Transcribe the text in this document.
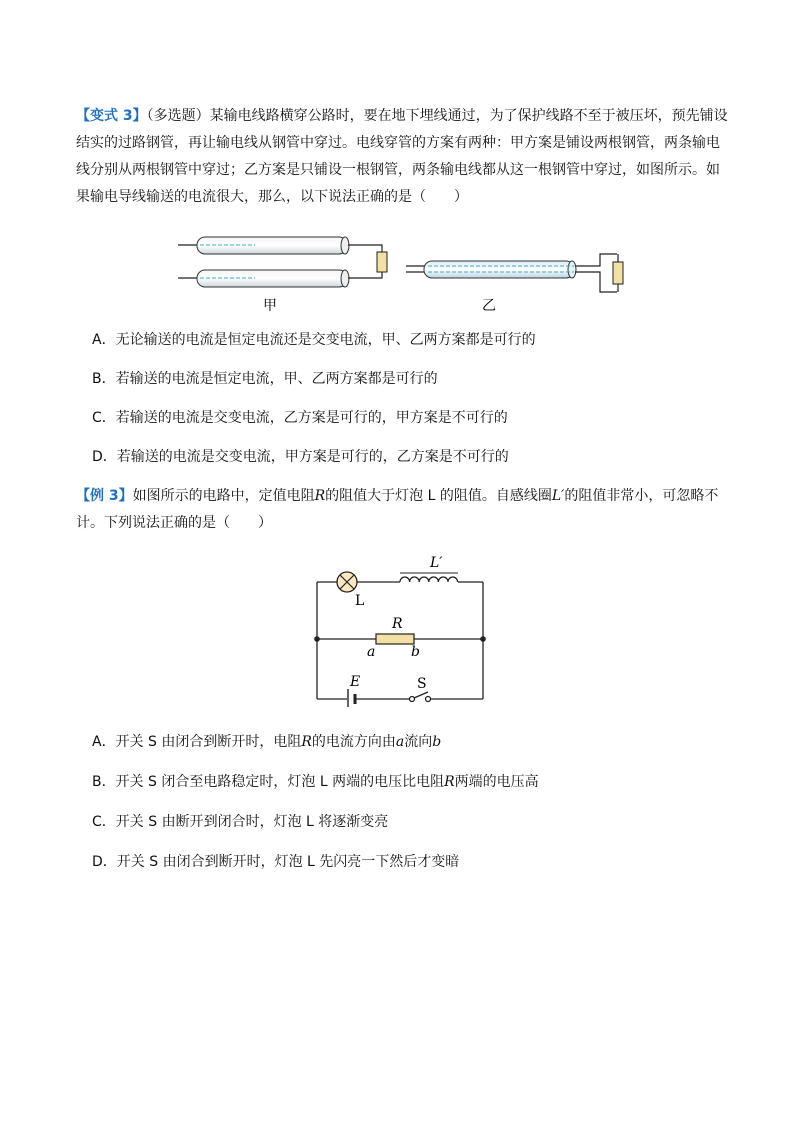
【变式 3】（多选题）某输电线路横穿公路时，要在地下埋线通过，为了保护线路不至于被压坏，预先铺设结实的过路钢管，再让输电线从钢管中穿过。电线穿管的方案有两种：甲方案是铺设两根钢管，两条输电线分别从两根钢管中穿过；乙方案是只铺设一根钢管，两条输电线都从这一根钢管中穿过，如图所示。如果输电导线输送的电流很大，那么，以下说法正确的是（　　）
甲	乙
A．无论输送的电流是恒定电流还是交变电流，甲、乙两方案都是可行的
B．若输送的电流是恒定电流，甲、乙两方案都是可行的
C．若输送的电流是交变电流，乙方案是可行的，甲方案是不可行的
D．若输送的电流是交变电流，甲方案是可行的，乙方案是不可行的
【例 3】如图所示的电路中，定值电阻R的阻值大于灯泡 L 的阻值。自感线圈L′的阻值非常小，可忽略不计。下列说法正确的是（　　）
L
L′
R
a	b
E	S
A．开关 S 由闭合到断开时，电阻R的电流方向由a流向b
B．开关 S 闭合至电路稳定时，灯泡 L 两端的电压比电阻R两端的电压高
C．开关 S 由断开到闭合时，灯泡 L 将逐渐变亮
D．开关 S 由闭合到断开时，灯泡 L 先闪亮一下然后才变暗
